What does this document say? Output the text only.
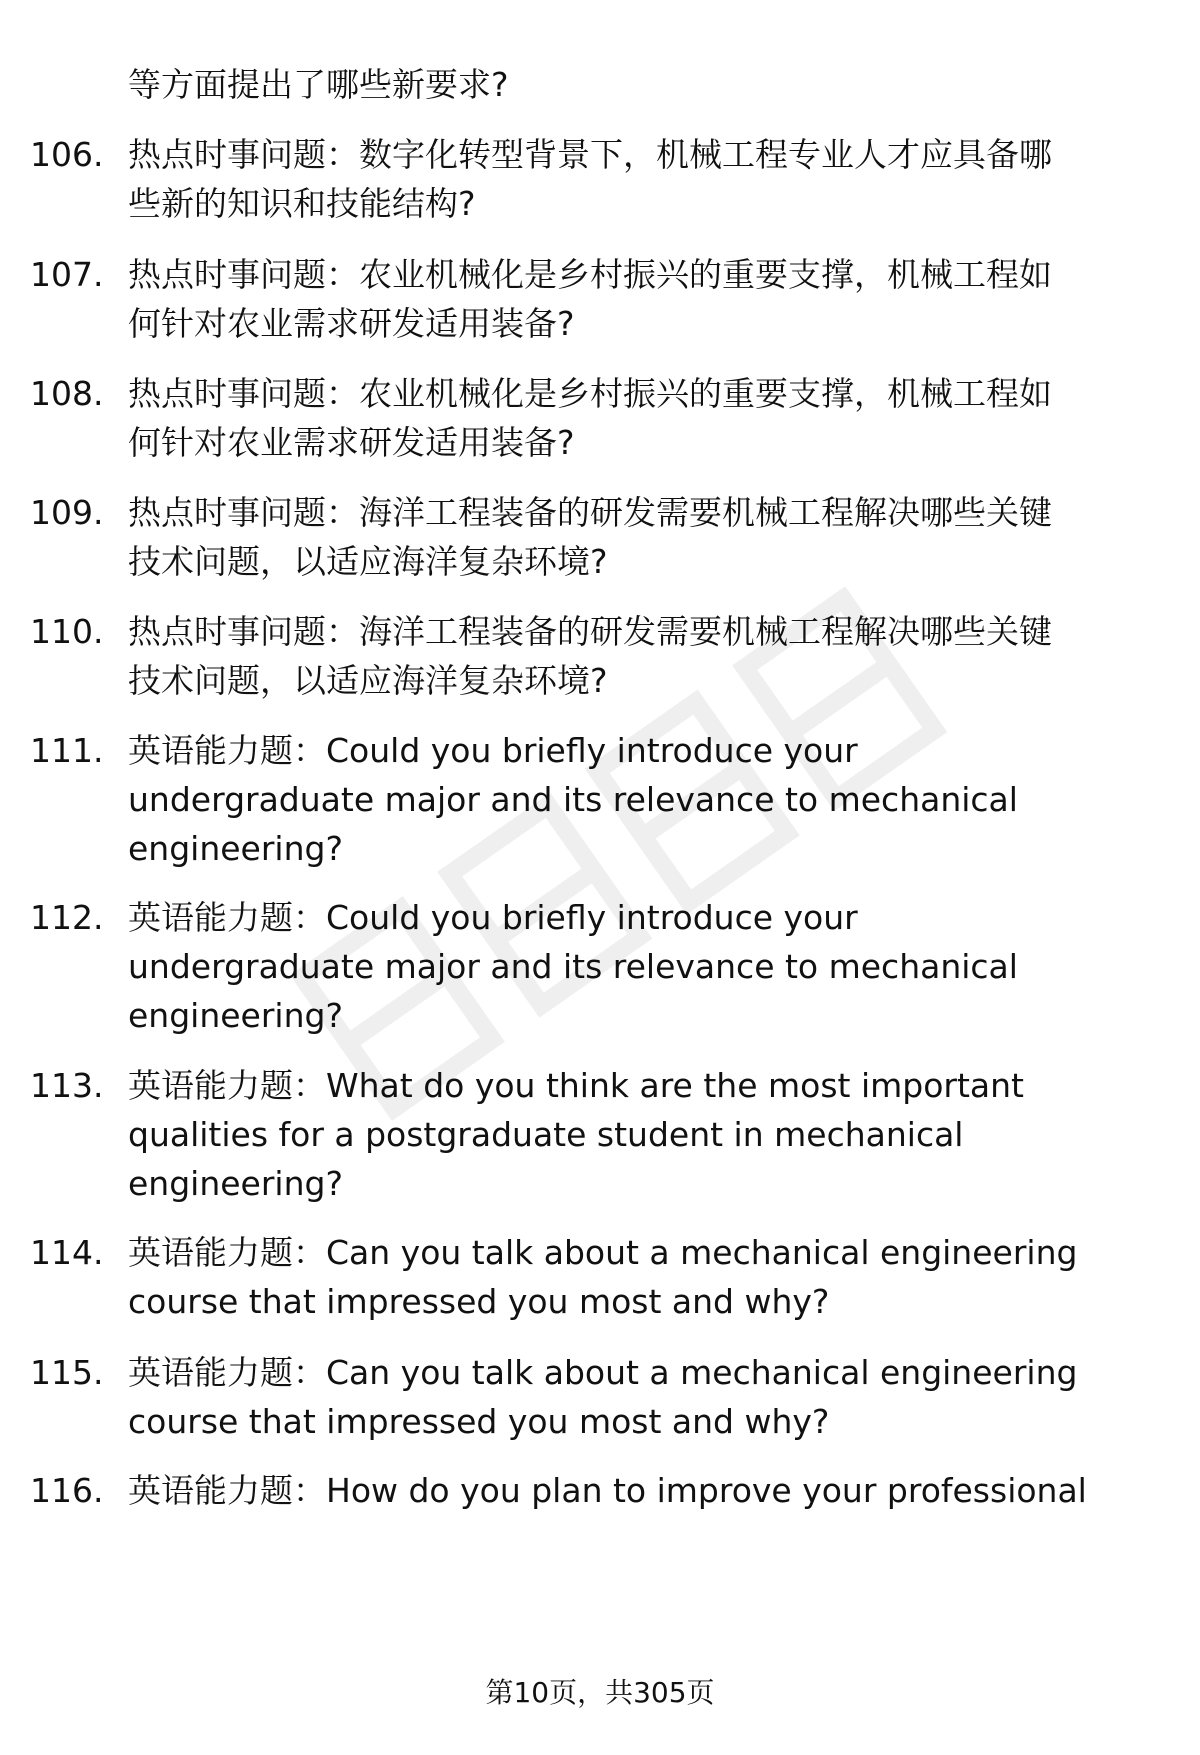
等方面提出了哪些新要求?
106. 热点时事问题：数字化转型背景下，机械工程专业人才应具备哪
些新的知识和技能结构?
107. 热点时事问题：农业机械化是乡村振兴的重要支撑，机械工程如
何针对农业需求研发适用装备?
108. 热点时事问题：农业机械化是乡村振兴的重要支撑，机械工程如
何针对农业需求研发适用装备?
109. 热点时事问题：海洋工程装备的研发需要机械工程解决哪些关键
技术问题，以适应海洋复杂环境?
110. 热点时事问题：海洋工程装备的研发需要机械工程解决哪些关键
技术问题，以适应海洋复杂环境?
111. 英语能力题：Could you briefly introduce your
undergraduate major and its relevance to mechanical
engineering?
112. 英语能力题：Could you briefly introduce your
undergraduate major and its relevance to mechanical
engineering?
113. 英语能力题：What do you think are the most important
qualities for a postgraduate student in mechanical
engineering?
114. 英语能力题：Can you talk about a mechanical engineering
course that impressed you most and why?
115. 英语能力题：Can you talk about a mechanical engineering
course that impressed you most and why?
116. 英语能力题：How do you plan to improve your professional
第10页，共305页
